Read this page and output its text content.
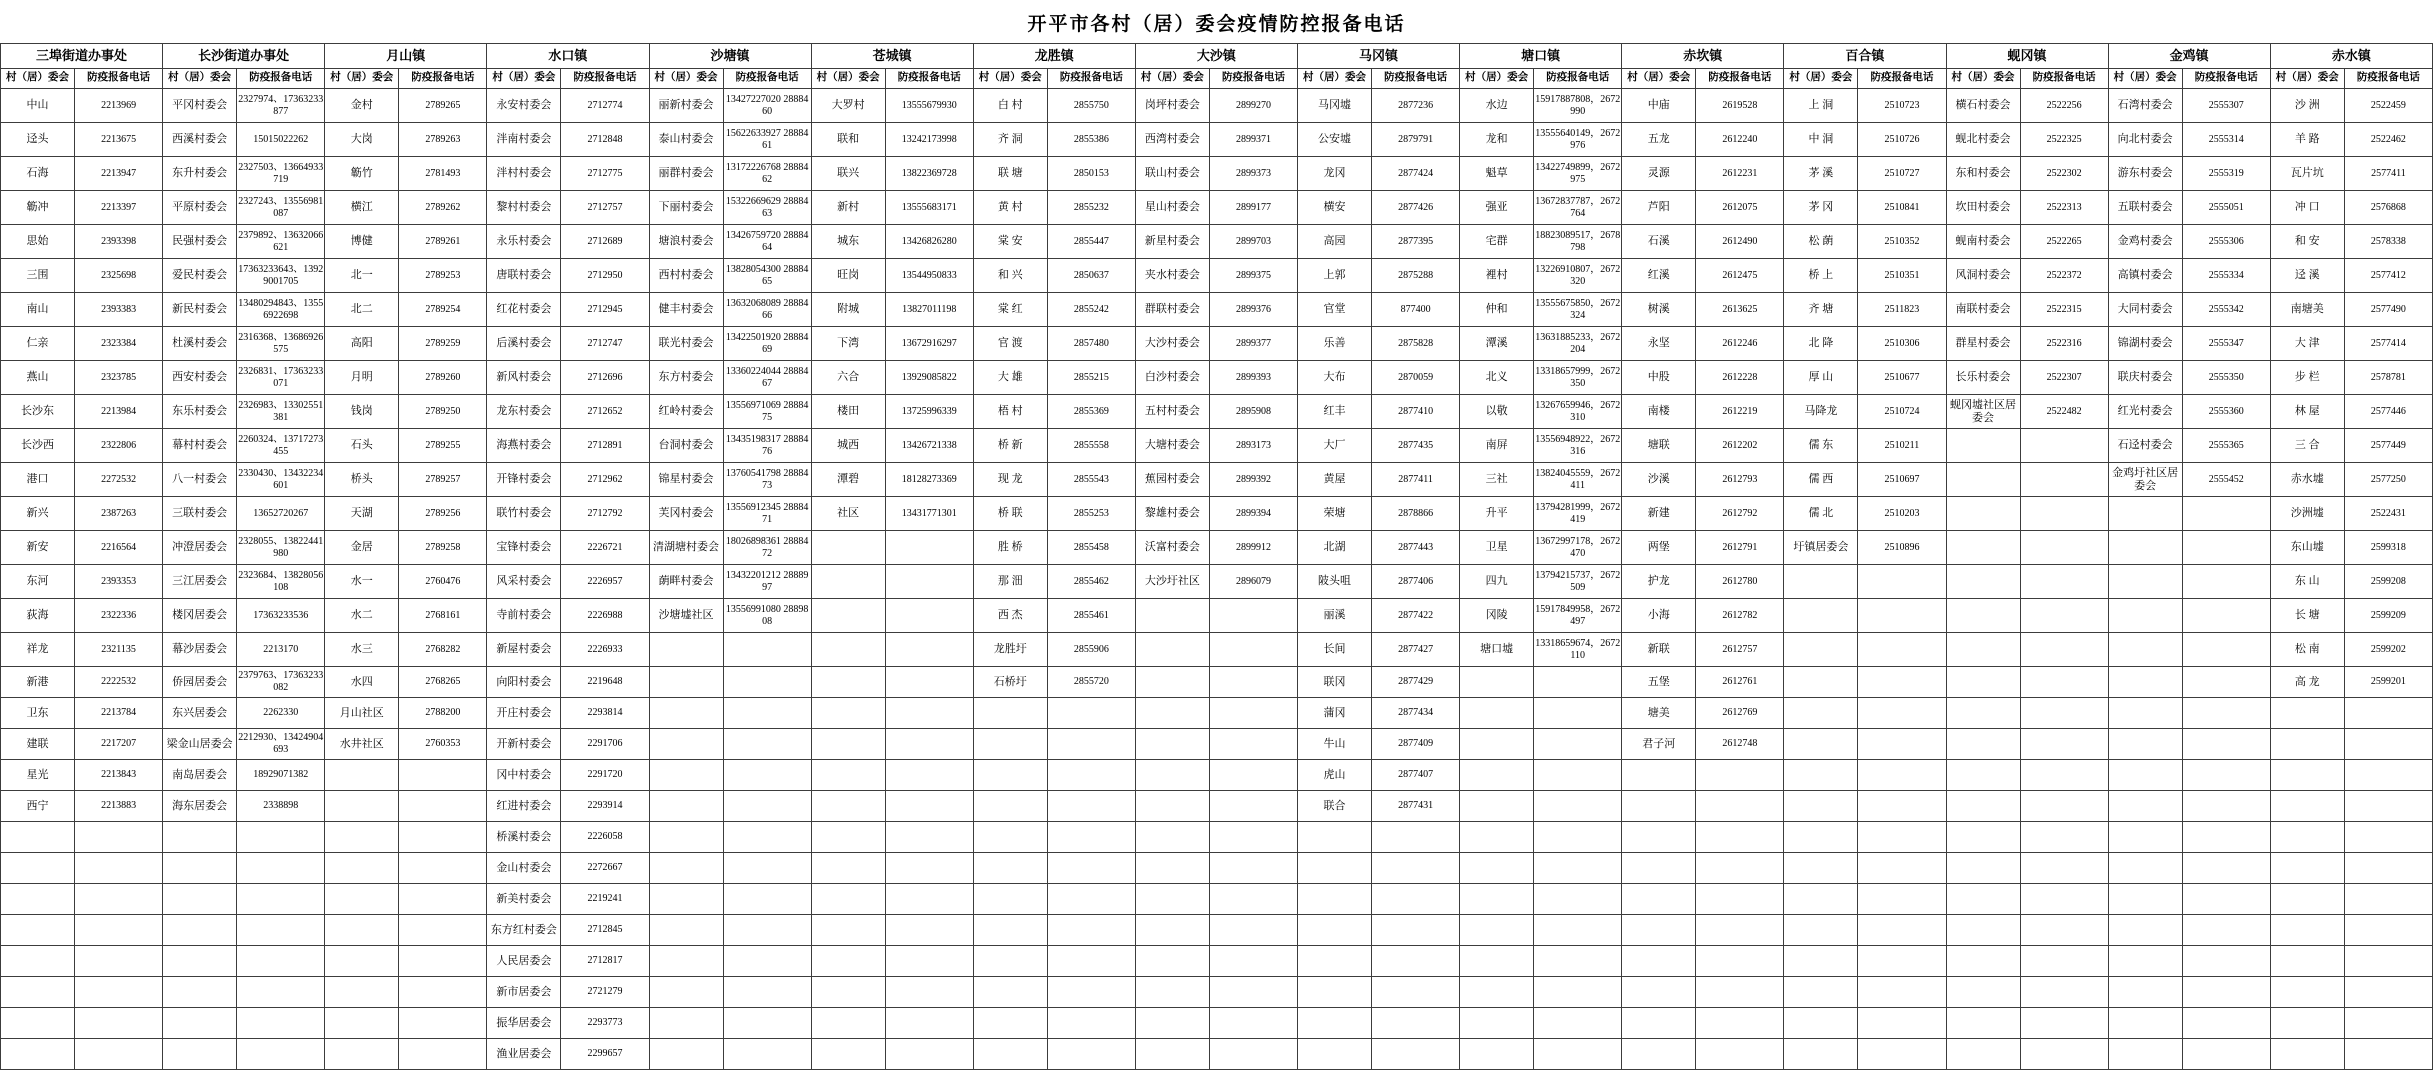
开平市各村（居）委会疫情防控报备电话
三埠街道办事处		长沙街道办事处		月山镇		水口镇		沙塘镇		苍城镇		龙胜镇		大沙镇		马冈镇		塘口镇		赤坎镇		百合镇		蚬冈镇		金鸡镇		赤水镇	
村（居）委会	防疫报备电话	村（居）委会	防疫报备电话	村（居）委会	防疫报备电话	村（居）委会	防疫报备电话	村（居）委会	防疫报备电话	村（居）委会	防疫报备电话	村（居）委会	防疫报备电话	村（居）委会	防疫报备电话	村（居）委会	防疫报备电话	村（居）委会	防疫报备电话	村（居）委会	防疫报备电话	村（居）委会	防疫报备电话	村（居）委会	防疫报备电话	村（居）委会	防疫报备电话	村（居）委会	防疫报备电话
中山	2213969	平冈村委会	2327974、17363233877	金村	2789265	永安村委会	2712774	丽新村委会	13427227020 2888460	大罗村	13555679930	白 村	2855750	岗坪村委会	2899270	马冈墟	2877236	水边	15917887808，2672990	中庙	2619528	上 洞	2510723	横石村委会	2522256	石湾村委会	2555307	沙 洲	2522459
迳头	2213675	西溪村委会	15015022262	大岗	2789263	泮南村委会	2712848	泰山村委会	15622633927 2888461	联和	13242173998	齐 洞	2855386	西湾村委会	2899371	公安墟	2879791	龙和	13555640149，2672976	五龙	2612240	中 洞	2510726	蚬北村委会	2522325	向北村委会	2555314	羊 路	2522462
石海	2213947	东升村委会	2327503、13664933719	簕竹	2781493	泮村村委会	2712775	丽群村委会	13172226768 2888462	联兴	13822369728	联 塘	2850153	联山村委会	2899373	龙冈	2877424	魁草	13422749899，2672975	灵源	2612231	茅 溪	2510727	东和村委会	2522302	游东村委会	2555319	瓦片坑	2577411
簕冲	2213397	平原村委会	2327243、13556981087	横江	2789262	黎村村委会	2712757	下丽村委会	15322669629 2888463	新村	13555683171	黄 村	2855232	星山村委会	2899177	横安	2877426	强亚	13672837787，2672764	芦阳	2612075	茅 冈	2510841	坎田村委会	2522313	五联村委会	2555051	冲 口	2576868
思始	2393398	民强村委会	2379892、13632066621	博健	2789261	永乐村委会	2712689	塘浪村委会	13426759720 2888464	城东	13426826280	棠 安	2855447	新星村委会	2899703	高园	2877395	宅群	18823089517，2678798	石溪	2612490	松 蓢	2510352	蚬南村委会	2522265	金鸡村委会	2555306	和 安	2578338
三围	2325698	爱民村委会	17363233643、13929001705	北一	2789253	唐联村委会	2712950	西村村委会	13828054300 2888465	旺岗	13544950833	和 兴	2850637	夹水村委会	2899375	上郭	2875288	裡村	13226910807，2672320	红溪	2612475	桥 上	2510351	风洞村委会	2522372	高镇村委会	2555334	迳 溪	2577412
南山	2393383	新民村委会	13480294843、13556922698	北二	2789254	红花村委会	2712945	健丰村委会	13632068089 2888466	附城	13827011198	棠 红	2855242	群联村委会	2899376	官堂	877400	仲和	13555675850，2672324	树溪	2613625	齐 塘	2511823	南联村委会	2522315	大同村委会	2555342	南塘美	2577490
仁亲	2323384	杜溪村委会	2316368、13686926575	高阳	2789259	后溪村委会	2712747	联光村委会	13422501920 2888469	下湾	13672916297	官 渡	2857480	大沙村委会	2899377	乐善	2875828	潭溪	13631885233，2672204	永坚	2612246	北 降	2510306	群星村委会	2522316	锦湖村委会	2555347	大 津	2577414
燕山	2323785	西安村委会	2326831、17363233071	月明	2789260	新风村委会	2712696	东方村委会	13360224044 2888467	六合	13929085822	大 雄	2855215	白沙村委会	2899393	大布	2870059	北义	13318657999，2672350	中股	2612228	厚 山	2510677	长乐村委会	2522307	联庆村委会	2555350	步 栏	2578781
长沙东	2213984	东乐村委会	2326983、13302551381	钱岗	2789250	龙东村委会	2712652	红岭村委会	13556971069 2888475	楼田	13725996339	梧 村	2855369	五村村委会	2895908	红丰	2877410	以敬	13267659946，2672310	南楼	2612219	马降龙	2510724	蚬冈墟社区居委会	2522482	红光村委会	2555360	林 屋	2577446
长沙西	2322806	幕村村委会	2260324、13717273455	石头	2789255	海燕村委会	2712891	台洞村委会	13435198317 2888476	城西	13426721338	桥 新	2855558	大塘村委会	2893173	大厂	2877435	南屏	13556948922，2672316	塘联	2612202	儒 东	2510211			石迳村委会	2555365	三 合	2577449
港口	2272532	八一村委会	2330430、13432234601	桥头	2789257	开锋村委会	2712962	锦星村委会	13760541798 2888473	潭碧	18128273369	现 龙	2855543	蕉园村委会	2899392	黄屋	2877411	三社	13824045559，2672411	沙溪	2612793	儒 西	2510697			金鸡圩社区居委会	2555452	赤水墟	2577250
新兴	2387263	三联村委会	13652720267	天湖	2789256	联竹村委会	2712792	芙冈村委会	13556912345 2888471	社区	13431771301	桥 联	2855253	黎雄村委会	2899394	荣塘	2878866	升平	13794281999，2672419	新建	2612792	儒 北	2510203					沙洲墟	2522431
新安	2216564	冲澄居委会	2328055、13822441980	金居	2789258	宝锋村委会	2226721	清湖塘村委会	18026898361 2888472			胜 桥	2855458	沃富村委会	2899912	北湖	2877443	卫星	13672997178，2672470	两堡	2612791	圩镇居委会	2510896					东山墟	2599318
东河	2393353	三江居委会	2323684、13828056108	水一	2760476	风采村委会	2226957	蓢畔村委会	13432201212 2888997			那 沺	2855462	大沙圩社区	2896079	陂头咀	2877406	四九	13794215737，2672509	护龙	2612780							东 山	2599208
荻海	2322336	楼冈居委会	17363233536	水二	2768161	寺前村委会	2226988	沙塘墟社区	13556991080 2889808			西 杰	2855461			丽溪	2877422	冈陵	15917849958，2672497	小海	2612782							长 塘	2599209
祥龙	2321135	幕沙居委会	2213170	水三	2768282	新屋村委会	2226933					龙胜圩	2855906			长间	2877427	塘口墟	13318659674，2672110	新联	2612757							松 南	2599202
新港	2222532	侨园居委会	2379763、17363233082	水四	2768265	向阳村委会	2219648					石桥圩	2855720			联冈	2877429			五堡	2612761							高 龙	2599201
卫东	2213784	东兴居委会	2262330	月山社区	2788200	开庄村委会	2293814									蒲冈	2877434			塘美	2612769								
建联	2217207	梁金山居委会	2212930、13424904693	水井社区	2760353	开新村委会	2291706									牛山	2877409			君子河	2612748								
星光	2213843	南岛居委会	18929071382			冈中村委会	2291720									虎山	2877407												
西宁	2213883	海东居委会	2338898			红进村委会	2293914									联合	2877431												
						桥溪村委会	2226058																						
						金山村委会	2272667																						
						新美村委会	2219241																						
						东方红村委会	2712845																						
						人民居委会	2712817																						
						新市居委会	2721279																						
						振华居委会	2293773																						
						渔业居委会	2299657																						
